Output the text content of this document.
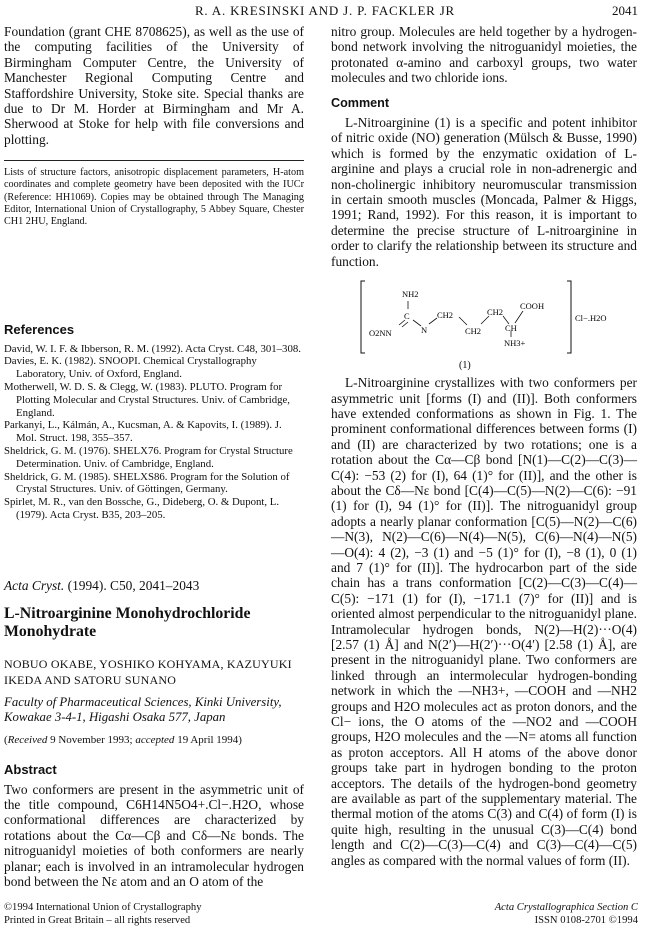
R. A. KRESINSKI AND J. P. FACKLER JR	2041

Foundation (grant CHE 8708625), as well as the use of the computing facilities of the University of Birmingham Computer Centre, the University of Manchester Regional Computing Centre and Staffordshire University, Stoke site. Special thanks are due to Dr M. Horder at Birmingham and Mr A. Sherwood at Stoke for help with file conversions and plotting.

Lists of structure factors, anisotropic displacement parameters, H-atom coordinates and complete geometry have been deposited with the IUCr (Reference: HH1069). Copies may be obtained through The Managing Editor, International Union of Crystallography, 5 Abbey Square, Chester CH1 2HU, England.

References
David, W. I. F. & Ibberson, R. M. (1992). Acta Cryst. C48, 301–308.
Davies, E. K. (1982). SNOOPI. Chemical Crystallography Laboratory, Univ. of Oxford, England.
Motherwell, W. D. S. & Clegg, W. (1983). PLUTO. Program for Plotting Molecular and Crystal Structures. Univ. of Cambridge, England.
Parkanyi, L., Kálmán, A., Kucsman, A. & Kapovits, I. (1989). J. Mol. Struct. 198, 355–357.
Sheldrick, G. M. (1976). SHELX76. Program for Crystal Structure Determination. Univ. of Cambridge, England.
Sheldrick, G. M. (1985). SHELXS86. Program for the Solution of Crystal Structures. Univ. of Göttingen, Germany.
Spirlet, M. R., van den Bossche, G., Dideberg, O. & Dupont, L. (1979). Acta Cryst. B35, 203–205.
Acta Cryst. (1994). C50, 2041–2043
L-Nitroarginine Monohydrochloride Monohydrate
NOBUO OKABE, YOSHIKO KOHYAMA, KAZUYUKI IKEDA AND SATORU SUNANO
Faculty of Pharmaceutical Sciences, Kinki University, Kowakae 3-4-1, Higashi Osaka 577, Japan
(Received 9 November 1993; accepted 19 April 1994)
Abstract

Two conformers are present in the asymmetric unit of the title compound, C6H14N5O4+.Cl−.H2O, whose conformational differences are characterized by rotations about the Cα—Cβ and Cδ—Nε bonds. The nitroguanidyl moieties of both conformers are nearly planar; each is involved in an intramolecular hydrogen bond between the Nε atom and an O atom of the

nitro group. Molecules are held together by a hydrogen-bond network involving the nitroguanidyl moieties, the protonated α-amino and carboxyl groups, two water molecules and two chloride ions.

Comment

L-Nitroarginine (1) is a specific and potent inhibitor of nitric oxide (NO) generation (Mülsch & Busse, 1990) which is formed by the enzymatic oxidation of L-arginine and plays a crucial role in non-adrenergic and non-cholinergic inhibitory neuromuscular transmission in certain smooth muscles (Moncada, Palmer & Higgs, 1991; Rand, 1992). For this reason, it is important to determine the precise structure of L-nitroarginine in order to clarify the relationship between its structure and function.

NH2
C
O2NN	N
CH2
CH2
CH2
CH
COOH
NH3+
Cl−.H2O
(1)

L-Nitroarginine crystallizes with two conformers per asymmetric unit [forms (I) and (II)]. Both conformers have extended conformations as shown in Fig. 1. The prominent conformational differences between forms (I) and (II) are characterized by two rotations; one is a rotation about the Cα—Cβ bond [N(1)—C(2)—C(3)—C(4): −53 (2) for (I), 64 (1)° for (II)], and the other is about the Cδ—Nε bond [C(4)—C(5)—N(2)—C(6): −91 (1) for (I), 94 (1)° for (II)]. The nitroguanidyl group adopts a nearly planar conformation [C(5)—N(2)—C(6)—N(3), N(2)—C(6)—N(4)—N(5), C(6)—N(4)—N(5)—O(4): 4 (2), −3 (1) and −5 (1)° for (I), −8 (1), 0 (1) and 7 (1)° for (II)]. The hydrocarbon part of the side chain has a trans conformation [C(2)—C(3)—C(4)—C(5): −171 (1) for (I), −171.1 (7)° for (II)] and is oriented almost perpendicular to the nitroguanidyl plane. Intramolecular hydrogen bonds, N(2)—H(2)···O(4) [2.57 (1) Å] and N(2′)—H(2′)···O(4′) [2.58 (1) Å], are present in the nitroguanidyl plane. Two conformers are linked through an intermolecular hydrogen-bonding network in which the —NH3+, —COOH and —NH2 groups and H2O molecules act as proton donors, and the Cl− ions, the O atoms of the —NO2 and —COOH groups, H2O molecules and the —N= atoms all function as proton acceptors. All H atoms of the above donor groups take part in hydrogen bonding to the proton acceptors. The details of the hydrogen-bond geometry are available as part of the supplementary material. The thermal motion of the atoms C(3) and C(4) of form (I) is quite high, resulting in the unusual C(3)—C(4) bond length and C(2)—C(3)—C(4) and C(3)—C(4)—C(5) angles as compared with the normal values of form (II).

©1994 International Union of Crystallography
Printed in Great Britain – all rights reserved
Acta Crystallographica Section C
ISSN 0108-2701 ©1994
